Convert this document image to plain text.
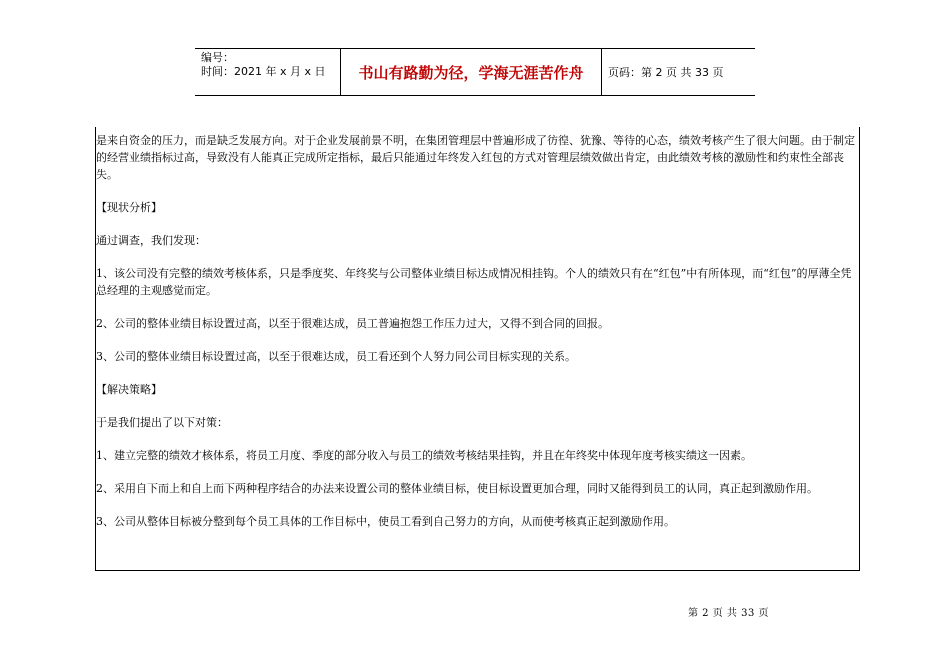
编号：
时间：2021 年 x 月 x 日	书山有路勤为径，学海无涯苦作舟	页码：第 2 页 共 33 页

是来自资金的压力，而是缺乏发展方向。对于企业发展前景不明，在集团管理层中普遍形成了彷徨、犹豫、等待的心态，绩效考核产生了很大问题。由于制定的经营业绩指标过高，导致没有人能真正完成所定指标，最后只能通过年终发入红包的方式对管理层绩效做出肯定，由此绩效考核的激励性和约束性全部丧失。

【现状分析】

通过调查，我们发现：

1、该公司没有完整的绩效考核体系，只是季度奖、年终奖与公司整体业绩目标达成情况相挂钩。个人的绩效只有在“红包”中有所体现，而“红包”的厚薄全凭总经理的主观感觉而定。

2、公司的整体业绩目标设置过高，以至于很难达成，员工普遍抱怨工作压力过大，又得不到合同的回报。

3、公司的整体业绩目标设置过高，以至于很难达成，员工看还到个人努力同公司目标实现的关系。

【解决策略】

于是我们提出了以下对策：

1、建立完整的绩效才核体系，将员工月度、季度的部分收入与员工的绩效考核结果挂钩，并且在年终奖中体现年度考核实绩这一因素。

2、采用自下而上和自上而下两种程序结合的办法来设置公司的整体业绩目标，使目标设置更加合理，同时又能得到员工的认同，真正起到激励作用。

3、公司从整体目标被分整到每个员工具体的工作目标中，使员工看到自己努力的方向，从而使考核真正起到激励作用。

第 2 页 共 33 页
